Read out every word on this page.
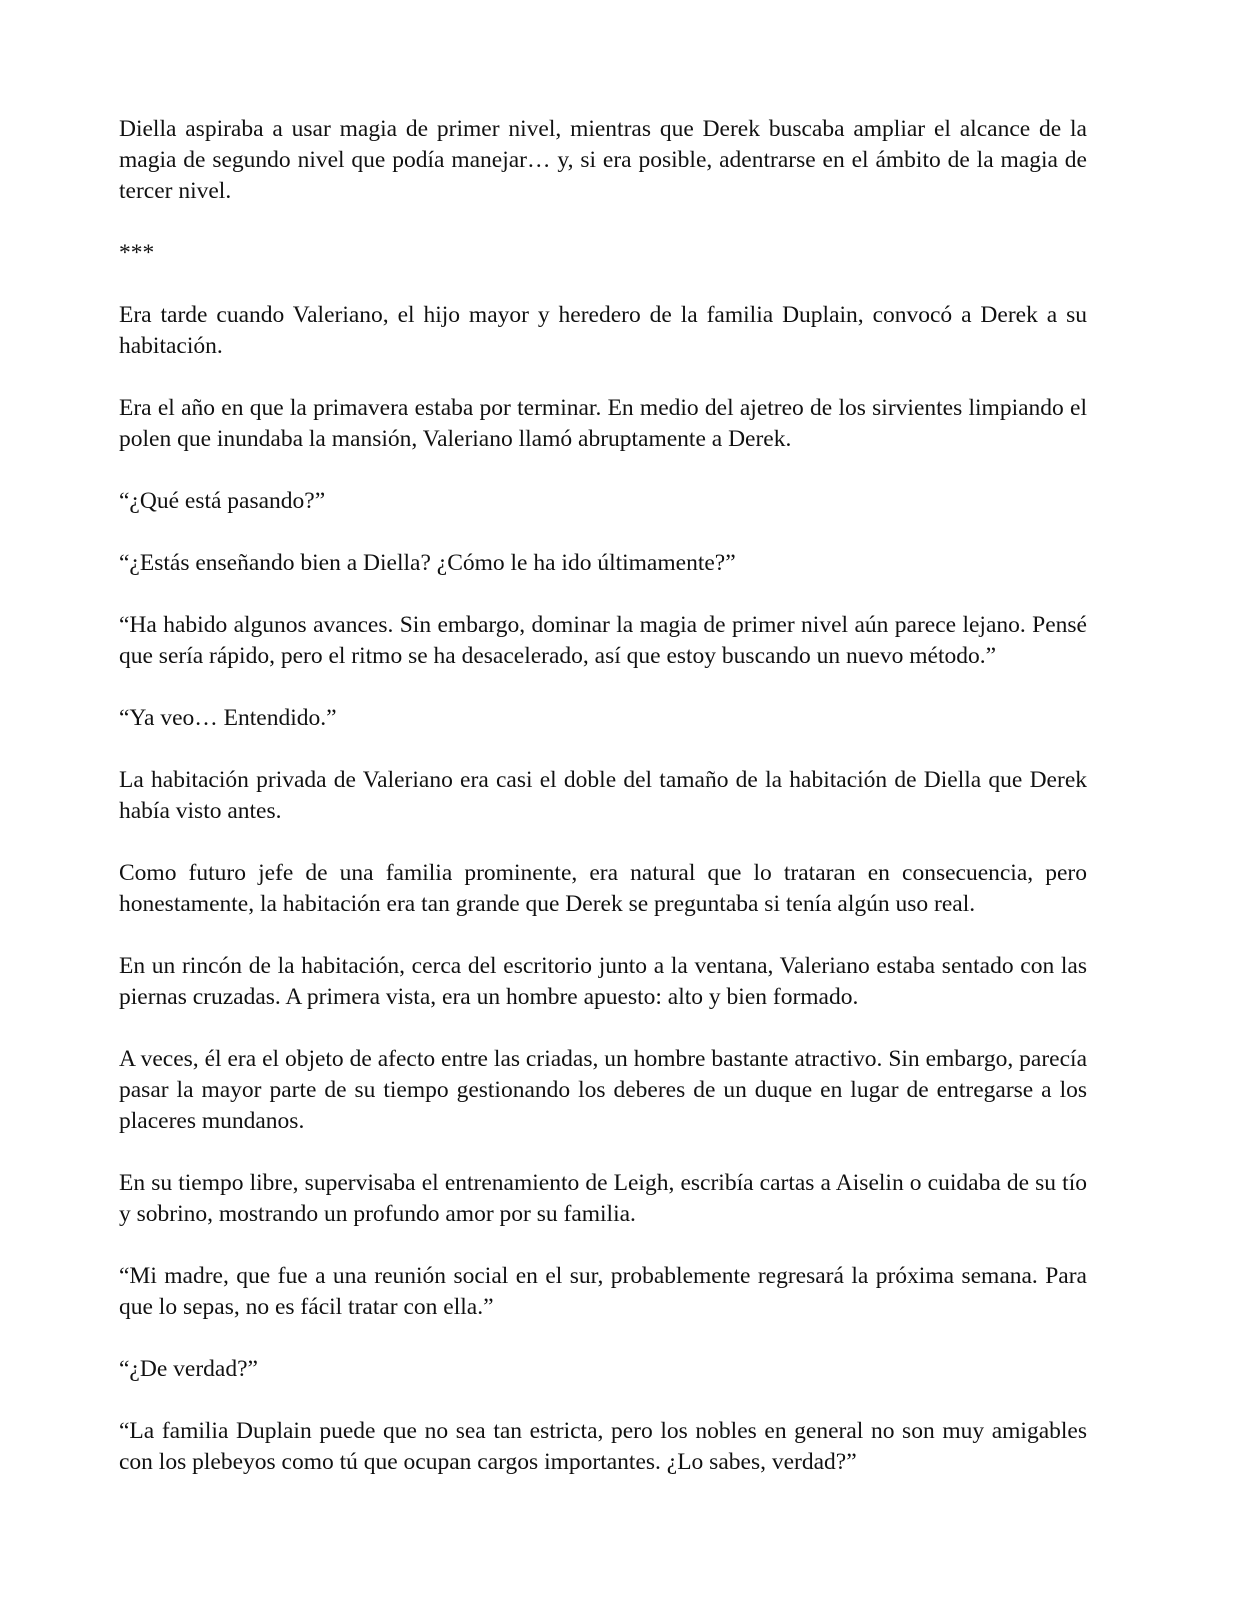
Diella aspiraba a usar magia de primer nivel, mientras que Derek buscaba ampliar el alcance de la magia de segundo nivel que podía manejar… y, si era posible, adentrarse en el ámbito de la magia de tercer nivel.

***

Era tarde cuando Valeriano, el hijo mayor y heredero de la familia Duplain, convocó a Derek a su habitación.

Era el año en que la primavera estaba por terminar. En medio del ajetreo de los sirvientes limpiando el polen que inundaba la mansión, Valeriano llamó abruptamente a Derek.

“¿Qué está pasando?”

“¿Estás enseñando bien a Diella? ¿Cómo le ha ido últimamente?”

“Ha habido algunos avances. Sin embargo, dominar la magia de primer nivel aún parece lejano. Pensé que sería rápido, pero el ritmo se ha desacelerado, así que estoy buscando un nuevo método.”

“Ya veo… Entendido.”

La habitación privada de Valeriano era casi el doble del tamaño de la habitación de Diella que Derek había visto antes.

Como futuro jefe de una familia prominente, era natural que lo trataran en consecuencia, pero honestamente, la habitación era tan grande que Derek se preguntaba si tenía algún uso real.

En un rincón de la habitación, cerca del escritorio junto a la ventana, Valeriano estaba sentado con las piernas cruzadas. A primera vista, era un hombre apuesto: alto y bien formado.

A veces, él era el objeto de afecto entre las criadas, un hombre bastante atractivo. Sin embargo, parecía pasar la mayor parte de su tiempo gestionando los deberes de un duque en lugar de entregarse a los placeres mundanos.

En su tiempo libre, supervisaba el entrenamiento de Leigh, escribía cartas a Aiselin o cuidaba de su tío y sobrino, mostrando un profundo amor por su familia.

“Mi madre, que fue a una reunión social en el sur, probablemente regresará la próxima semana. Para que lo sepas, no es fácil tratar con ella.”

“¿De verdad?”

“La familia Duplain puede que no sea tan estricta, pero los nobles en general no son muy amigables con los plebeyos como tú que ocupan cargos importantes. ¿Lo sabes, verdad?”
